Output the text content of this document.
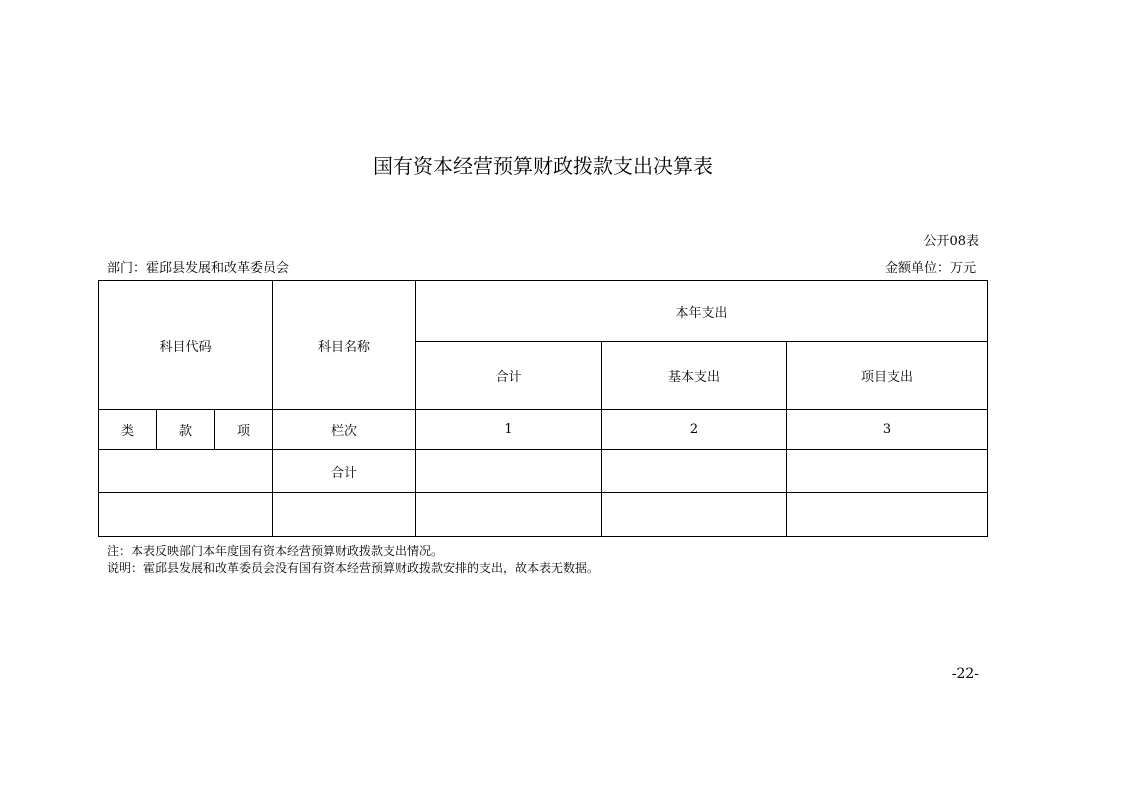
国有资本经营预算财政拨款支出决算表
公开08表
部门：霍邱县发展和改革委员会	金额单位：万元
科目代码			科目名称	本年支出		
				合计	基本支出	项目支出
类	款	项	栏次	1	2	3
			合计			

注：本表反映部门本年度国有资本经营预算财政拨款支出情况。
说明：霍邱县发展和改革委员会没有国有资本经营预算财政拨款安排的支出，故本表无数据。
-22-
